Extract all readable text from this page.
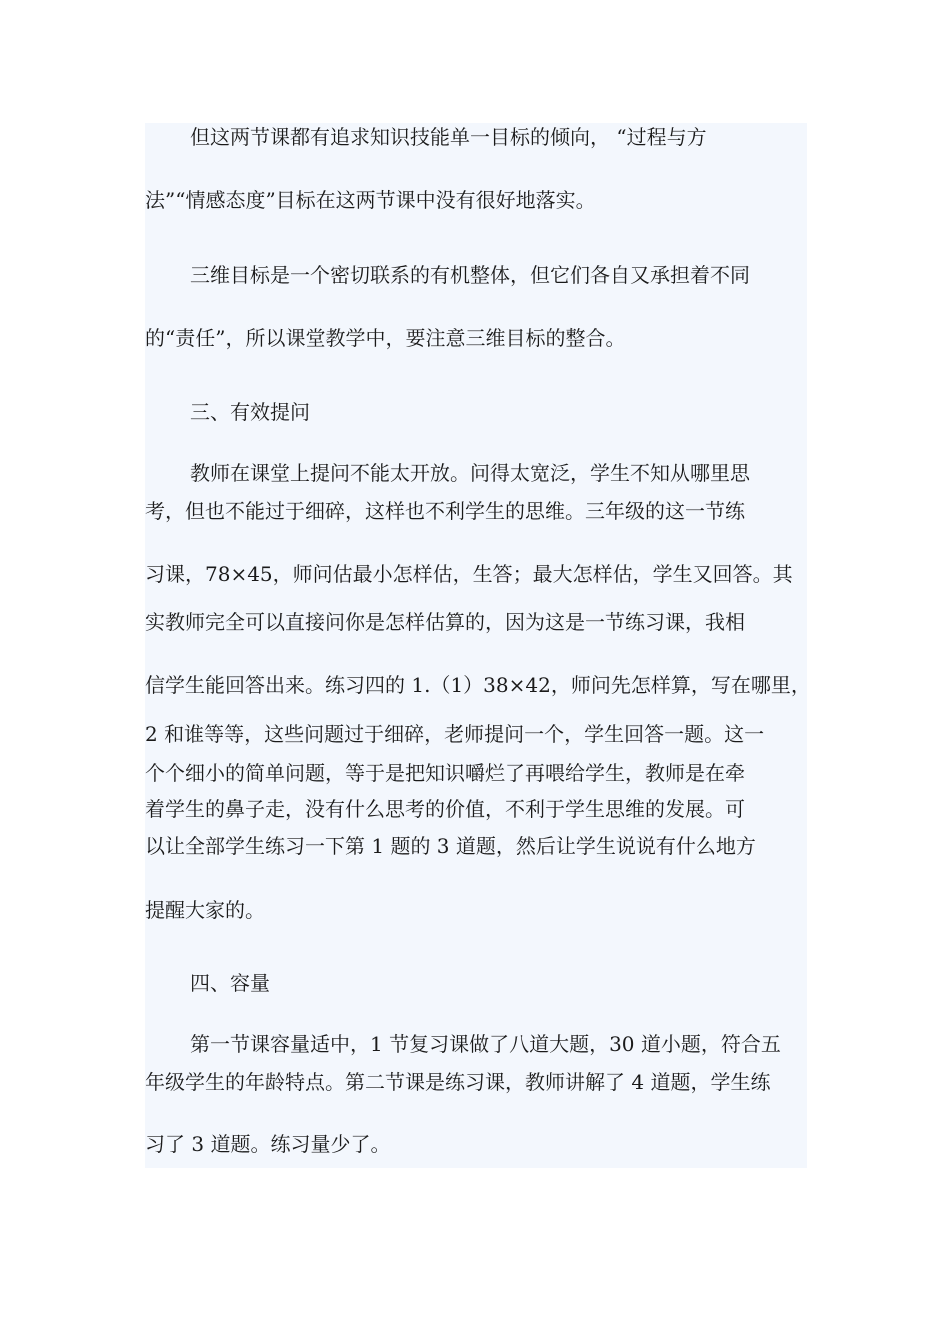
但这两节课都有追求知识技能单一目标的倾向， “过程与方
法”“情感态度”目标在这两节课中没有很好地落实。
三维目标是一个密切联系的有机整体，但它们各自又承担着不同
的“责任”，所以课堂教学中，要注意三维目标的整合。
三、有效提问
教师在课堂上提问不能太开放。问得太宽泛，学生不知从哪里思
考，但也不能过于细碎，这样也不利学生的思维。三年级的这一节练
习课，78×45，师问估最小怎样估，生答；最大怎样估，学生又回答。其
实教师完全可以直接问你是怎样估算的，因为这是一节练习课，我相
信学生能回答出来。练习四的 1.（1）38×42，师问先怎样算，写在哪里，
2 和谁等等，这些问题过于细碎，老师提问一个，学生回答一题。这一
个个细小的简单问题，等于是把知识嚼烂了再喂给学生，教师是在牵
着学生的鼻子走，没有什么思考的价值，不利于学生思维的发展。可
以让全部学生练习一下第 1 题的 3 道题，然后让学生说说有什么地方
提醒大家的。
四、容量
第一节课容量适中，1 节复习课做了八道大题，30 道小题，符合五
年级学生的年龄特点。第二节课是练习课，教师讲解了 4 道题，学生练
习了 3 道题。练习量少了。
